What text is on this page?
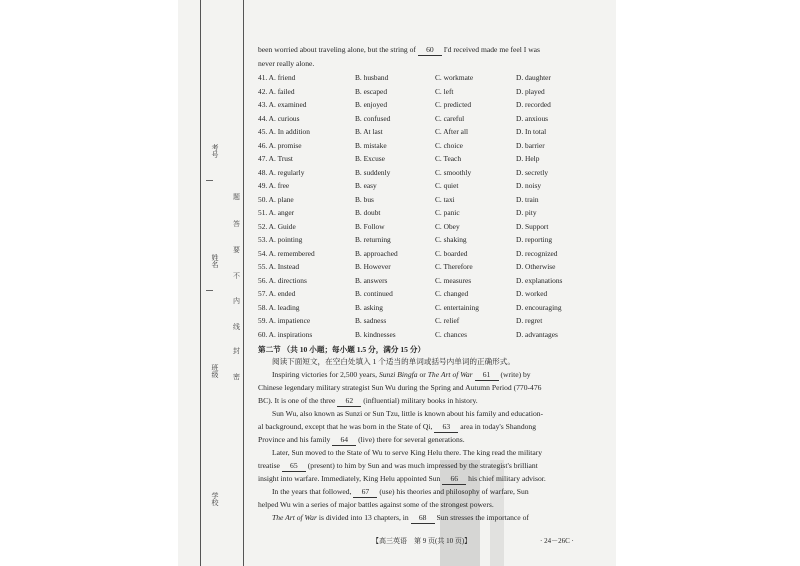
考号
姓名
班级
学校
题
答
要
不
内
线
封
密
been worried about traveling alone, but the string of 60 I'd received made me feel I was
never really alone.
41. A. friend	B. husband	C. workmate	D. daughter
42. A. failed	B. escaped	C. left	D. played
43. A. examined	B. enjoyed	C. predicted	D. recorded
44. A. curious	B. confused	C. careful	D. anxious
45. A. In addition	B. At last	C. After all	D. In total
46. A. promise	B. mistake	C. choice	D. barrier
47. A. Trust	B. Excuse	C. Teach	D. Help
48. A. regularly	B. suddenly	C. smoothly	D. secretly
49. A. free	B. easy	C. quiet	D. noisy
50. A. plane	B. bus	C. taxi	D. train
51. A. anger	B. doubt	C. panic	D. pity
52. A. Guide	B. Follow	C. Obey	D. Support
53. A. pointing	B. returning	C. shaking	D. reporting
54. A. remembered	B. approached	C. boarded	D. recognized
55. A. Instead	B. However	C. Therefore	D. Otherwise
56. A. directions	B. answers	C. measures	D. explanations
57. A. ended	B. continued	C. changed	D. worked
58. A. leading	B. asking	C. entertaining	D. encouraging
59. A. impatience	B. sadness	C. relief	D. regret
60. A. inspirations	B. kindnesses	C. chances	D. advantages
第二节 （共 10 小题；每小题 1.5 分，满分 15 分）
阅读下面短文，在空白处填入 1 个适当的单词或括号内单词的正确形式。
Inspiring victories for 2,500 years, Sunzi Bingfa or The Art of War 61 (write) by
Chinese legendary military strategist Sun Wu during the Spring and Autumn Period (770-476
BC). It is one of the three 62 (influential) military books in history.
Sun Wu, also known as Sunzi or Sun Tzu, little is known about his family and education-
al background, except that he was born in the State of Qi, 63 area in today's Shandong
Province and his family 64 (live) there for several generations.
Later, Sun moved to the State of Wu to serve King Helu there. The king read the military
treatise 65 (present) to him by Sun and was much impressed by the strategist's brilliant
insight into warfare. Immediately, King Helu appointed Sun 66 his chief military advisor.
In the years that followed, 67 (use) his theories and philosophy of warfare, Sun
helped Wu win a series of major battles against some of the strongest powers.
The Art of War is divided into 13 chapters, in 68 Sun stresses the importance of
【高三英语　第 9 页(共 10 页)】	· 24－26C ·
